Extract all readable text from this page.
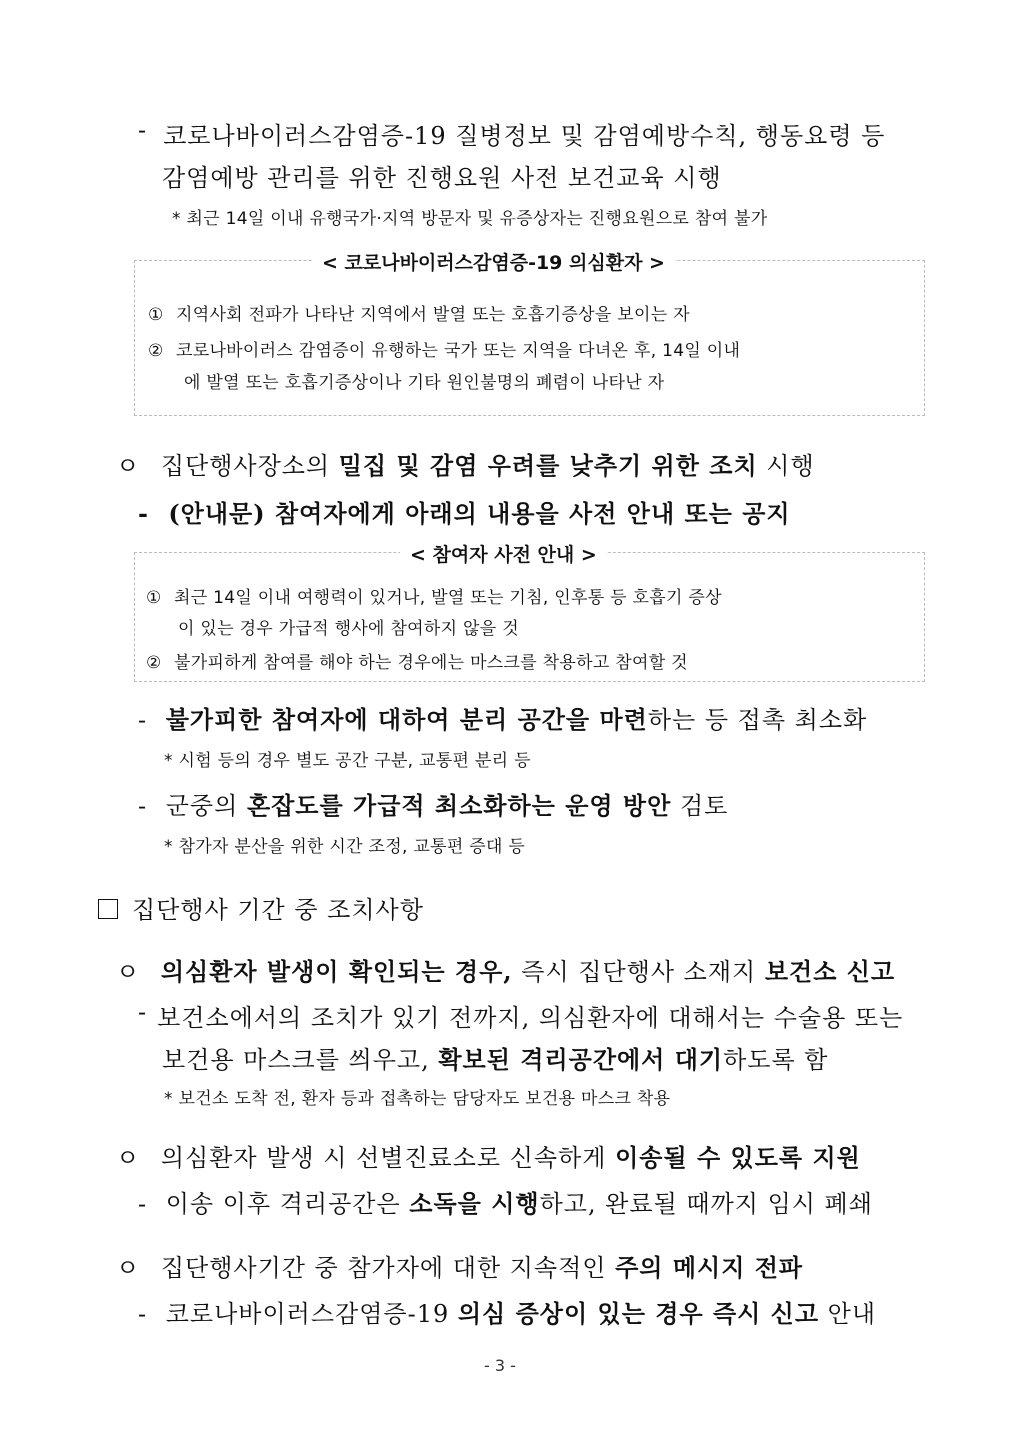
- 코로나바이러스감염증-19 질병정보 및 감염예방수칙, 행동요령 등
감염예방 관리를 위한 진행요원 사전 보건교육 시행
* 최근 14일 이내 유행국가·지역 방문자 및 유증상자는 진행요원으로 참여 불가
< 코로나바이러스감염증-19 의심환자 >
① 지역사회 전파가 나타난 지역에서 발열 또는 호흡기증상을 보이는 자
② 코로나바이러스 감염증이 유행하는 국가 또는 지역을 다녀온 후, 14일 이내
에 발열 또는 호흡기증상이나 기타 원인불명의 폐렴이 나타난 자
ㅇ 집단행사장소의 밀집 및 감염 우려를 낮추기 위한 조치 시행
- (안내문) 참여자에게 아래의 내용을 사전 안내 또는 공지
< 참여자 사전 안내 >
① 최근 14일 이내 여행력이 있거나, 발열 또는 기침, 인후통 등 호흡기 증상
이 있는 경우 가급적 행사에 참여하지 않을 것
② 불가피하게 참여를 해야 하는 경우에는 마스크를 착용하고 참여할 것
- 불가피한 참여자에 대하여 분리 공간을 마련하는 등 접촉 최소화
* 시험 등의 경우 별도 공간 구분, 교통편 분리 등
- 군중의 혼잡도를 가급적 최소화하는 운영 방안 검토
* 참가자 분산을 위한 시간 조정, 교통편 증대 등
집단행사 기간 중 조치사항
ㅇ 의심환자 발생이 확인되는 경우, 즉시 집단행사 소재지 보건소 신고
- 보건소에서의 조치가 있기 전까지, 의심환자에 대해서는 수술용 또는
보건용 마스크를 씌우고, 확보된 격리공간에서 대기하도록 함
* 보건소 도착 전, 환자 등과 접촉하는 담당자도 보건용 마스크 착용
ㅇ 의심환자 발생 시 선별진료소로 신속하게 이송될 수 있도록 지원
- 이송 이후 격리공간은 소독을 시행하고, 완료될 때까지 임시 폐쇄
ㅇ 집단행사기간 중 참가자에 대한 지속적인 주의 메시지 전파
- 코로나바이러스감염증-19 의심 증상이 있는 경우 즉시 신고 안내
- 3 -
